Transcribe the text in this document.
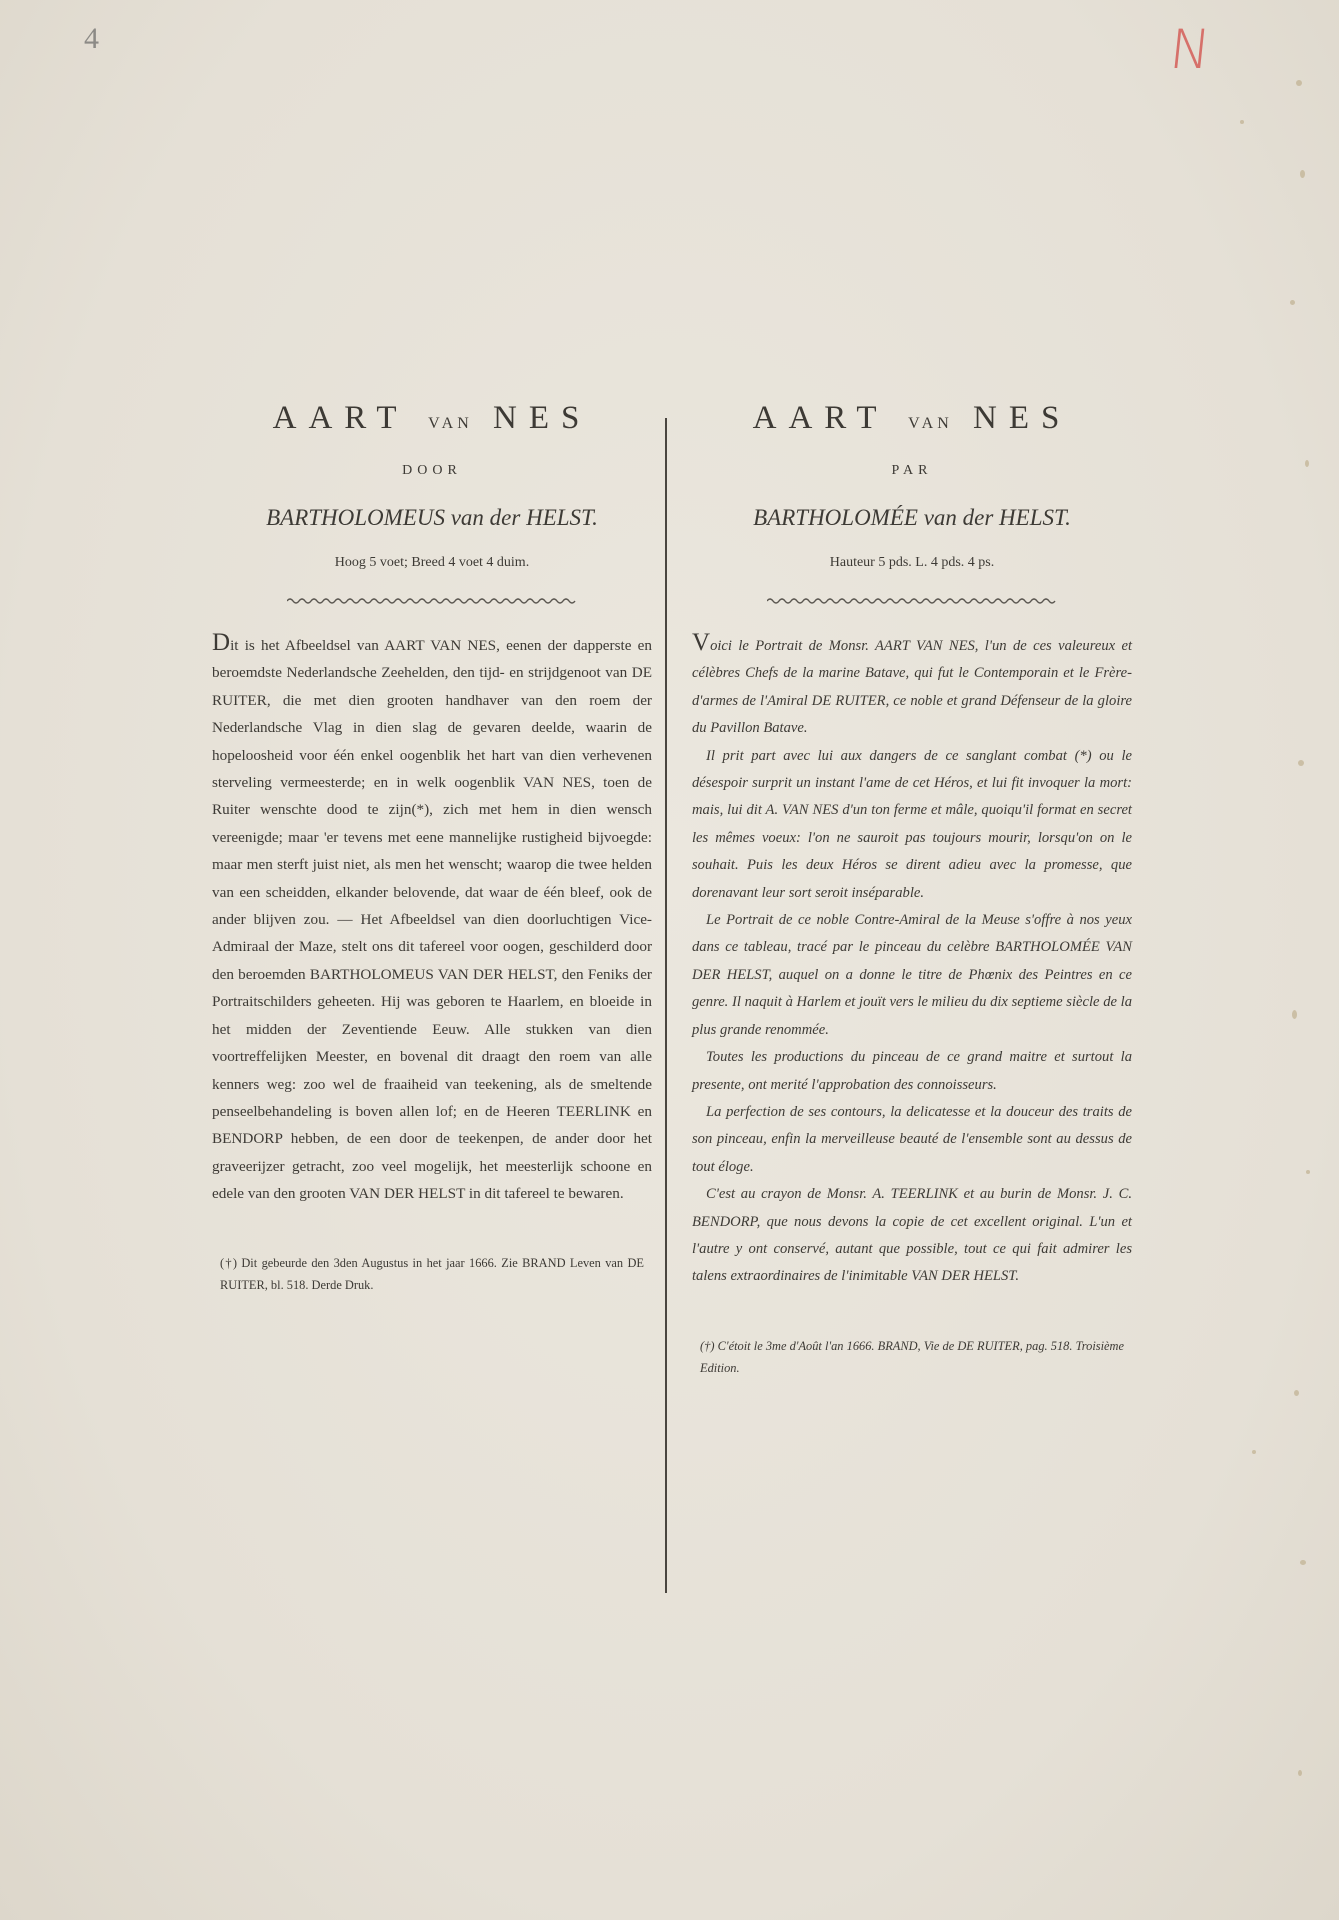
4	N
AART VAN NES
DOOR
BARTHOLOMEUS van der HELST.
Hoog 5 voet; Breed 4 voet 4 duim.

Dit is het Afbeeldsel van AART VAN NES, eenen der dapperste en beroemdste Nederlandsche Zeehelden, den tijd- en strijdgenoot van DE RUITER, die met dien grooten handhaver van den roem der Nederlandsche Vlag in dien slag de gevaren deelde, waarin de hopeloosheid voor één enkel oogenblik het hart van dien verhevenen sterveling vermeesterde; en in welk oogenblik VAN NES, toen de Ruiter wenschte dood te zijn(*), zich met hem in dien wensch vereenigde; maar 'er tevens met eene mannelijke rustigheid bijvoegde: maar men sterft juist niet, als men het wenscht; waarop die twee helden van een scheidden, elkander belovende, dat waar de één bleef, ook de ander blijven zou. — Het Afbeeldsel van dien doorluchtigen Vice-Admiraal der Maze, stelt ons dit tafereel voor oogen, geschilderd door den beroemden BARTHOLOMEUS VAN DER HELST, den Feniks der Portraitschilders geheeten. Hij was geboren te Haarlem, en bloeide in het midden der Zeventiende Eeuw. Alle stukken van dien voortreffelijken Meester, en bovenal dit draagt den roem van alle kenners weg: zoo wel de fraaiheid van teekening, als de smeltende penseelbehandeling is boven allen lof; en de Heeren TEERLINK en BENDORP hebben, de een door de teekenpen, de ander door het graveerijzer getracht, zoo veel mogelijk, het meesterlijk schoone en edele van den grooten VAN DER HELST in dit tafereel te bewaren.

(†) Dit gebeurde den 3den Augustus in het jaar 1666. Zie BRAND Leven van DE RUITER, bl. 518. Derde Druk.
AART VAN NES
PAR
BARTHOLOMÉE van der HELST.
Hauteur 5 pds. L. 4 pds. 4 ps.

Voici le Portrait de Monsr. AART VAN NES, l'un de ces valeureux et célèbres Chefs de la marine Batave, qui fut le Contemporain et le Frère-d'armes de l'Amiral DE RUITER, ce noble et grand Défenseur de la gloire du Pavillon Batave.

Il prit part avec lui aux dangers de ce sanglant combat (*) ou le désespoir surprit un instant l'ame de cet Héros, et lui fit invoquer la mort: mais, lui dit A. VAN NES d'un ton ferme et mâle, quoiqu'il format en secret les mêmes voeux: l'on ne sauroit pas toujours mourir, lorsqu'on on le souhait. Puis les deux Héros se dirent adieu avec la promesse, que dorenavant leur sort seroit inséparable.

Le Portrait de ce noble Contre-Amiral de la Meuse s'offre à nos yeux dans ce tableau, tracé par le pinceau du celèbre BARTHOLOMÉE VAN DER HELST, auquel on a donne le titre de Phœnix des Peintres en ce genre. Il naquit à Harlem et jouït vers le milieu du dix septieme siècle de la plus grande renommée.

Toutes les productions du pinceau de ce grand maitre et surtout la presente, ont merité l'approbation des connoisseurs.

La perfection de ses contours, la delicatesse et la douceur des traits de son pinceau, enfin la merveilleuse beauté de l'ensemble sont au dessus de tout éloge.

C'est au crayon de Monsr. A. TEERLINK et au burin de Monsr. J. C. BENDORP, que nous devons la copie de cet excellent original. L'un et l'autre y ont conservé, autant que possible, tout ce qui fait admirer les talens extraordinaires de l'inimitable VAN DER HELST.

(†) C'étoit le 3me d'Août l'an 1666. BRAND, Vie de DE RUITER, pag. 518. Troisième Edition.
